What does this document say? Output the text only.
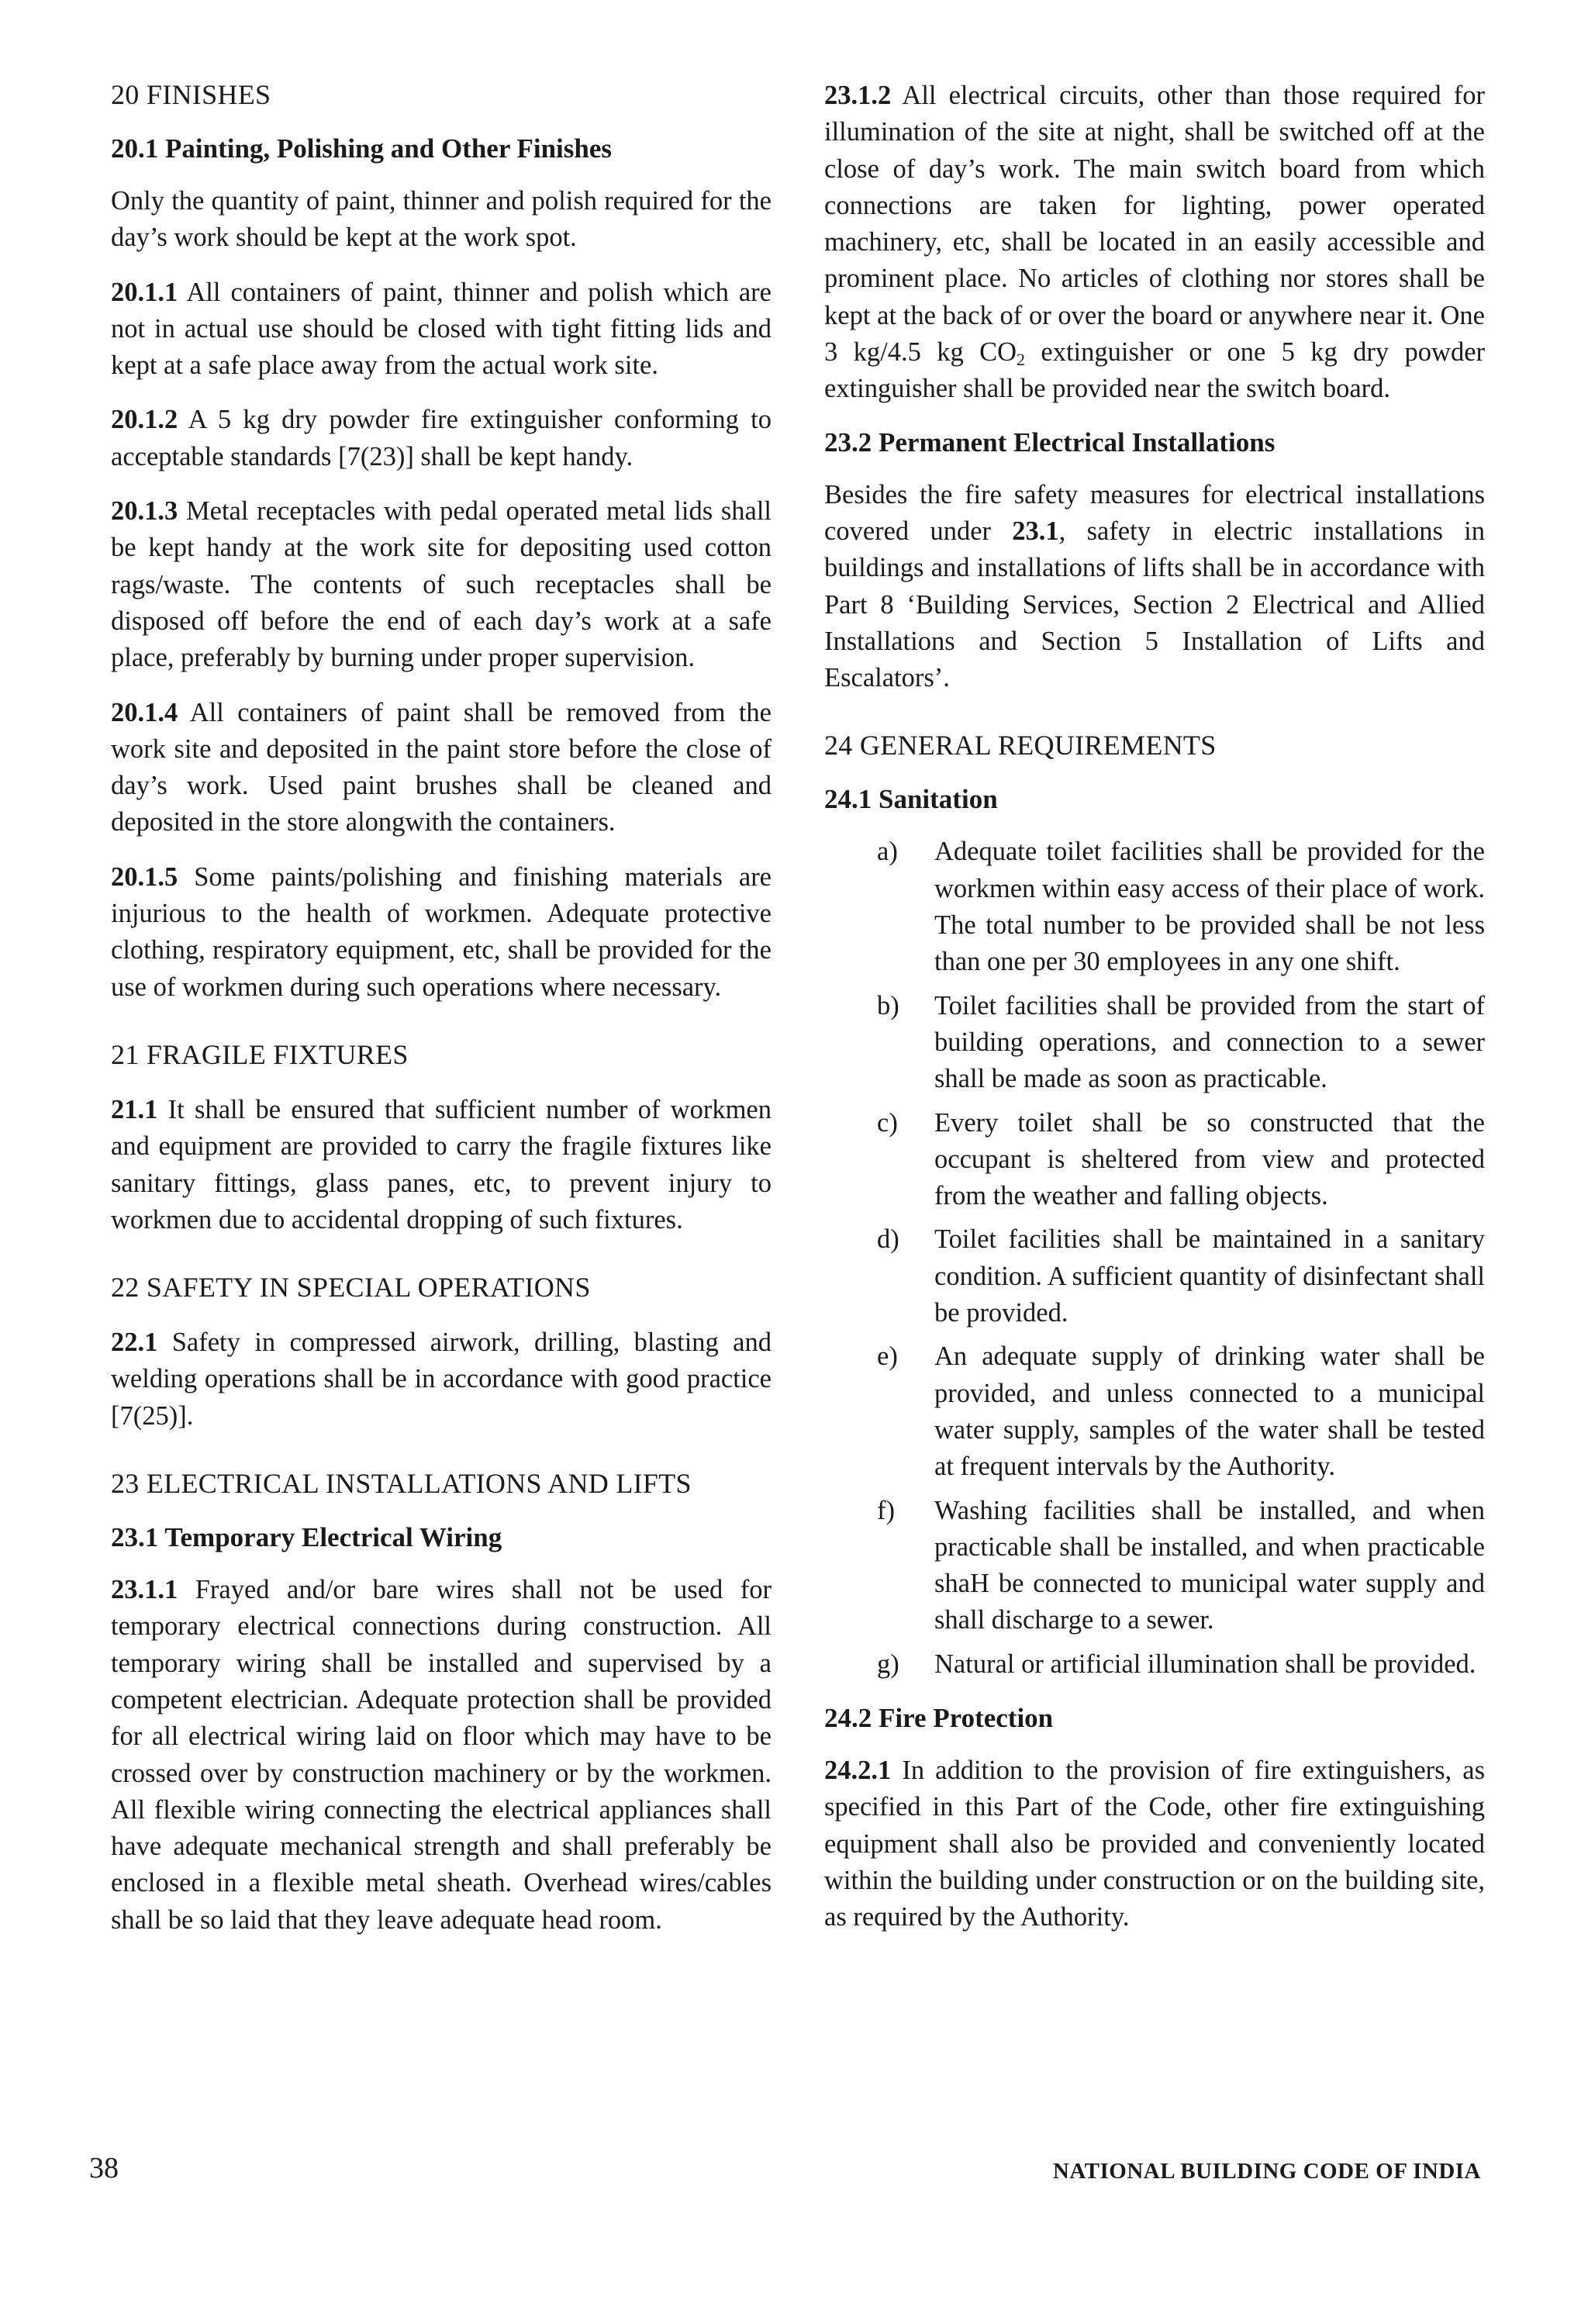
20 FINISHES
20.1 Painting, Polishing and Other Finishes

Only the quantity of paint, thinner and polish required for the day’s work should be kept at the work spot.

20.1.1 All containers of paint, thinner and polish which are not in actual use should be closed with tight fitting lids and kept at a safe place away from the actual work site.

20.1.2 A 5 kg dry powder fire extinguisher conforming to acceptable standards [7(23)] shall be kept handy.

20.1.3 Metal receptacles with pedal operated metal lids shall be kept handy at the work site for depositing used cotton rags/waste. The contents of such receptacles shall be disposed off before the end of each day’s work at a safe place, preferably by burning under proper supervision.

20.1.4 All containers of paint shall be removed from the work site and deposited in the paint store before the close of day’s work. Used paint brushes shall be cleaned and deposited in the store alongwith the containers.

20.1.5 Some paints/polishing and finishing materials are injurious to the health of workmen. Adequate protective clothing, respiratory equipment, etc, shall be provided for the use of workmen during such operations where necessary.

21 FRAGILE FIXTURES

21.1 It shall be ensured that sufficient number of workmen and equipment are provided to carry the fragile fixtures like sanitary fittings, glass panes, etc, to prevent injury to workmen due to accidental dropping of such fixtures.

22 SAFETY IN SPECIAL OPERATIONS

22.1 Safety in compressed airwork, drilling, blasting and welding operations shall be in accordance with good practice [7(25)].

23 ELECTRICAL INSTALLATIONS AND LIFTS
23.1 Temporary Electrical Wiring

23.1.1 Frayed and/or bare wires shall not be used for temporary electrical connections during construction. All temporary wiring shall be installed and supervised by a competent electrician. Adequate protection shall be provided for all electrical wiring laid on floor which may have to be crossed over by construction machinery or by the workmen. All flexible wiring connecting the electrical appliances shall have adequate mechanical strength and shall preferably be enclosed in a flexible metal sheath. Overhead wires/cables shall be so laid that they leave adequate head room.

23.1.2 All electrical circuits, other than those required for illumination of the site at night, shall be switched off at the close of day’s work. The main switch board from which connections are taken for lighting, power operated machinery, etc, shall be located in an easily accessible and prominent place. No articles of clothing nor stores shall be kept at the back of or over the board or anywhere near it. One 3 kg/4.5 kg $CO_2$ extinguisher or one 5 kg dry powder extinguisher shall be provided near the switch board.

23.2 Permanent Electrical Installations

Besides the fire safety measures for electrical installations covered under 23.1, safety in electric installations in buildings and installations of lifts shall be in accordance with Part 8 ‘Building Services, Section 2 Electrical and Allied Installations and Section 5 Installation of Lifts and Escalators’.

24 GENERAL REQUIREMENTS
24.1 Sanitation
a) Adequate toilet facilities shall be provided for the workmen within easy access of their place of work. The total number to be provided shall be not less than one per 30 employees in any one shift.
b) Toilet facilities shall be provided from the start of building operations, and connection to a sewer shall be made as soon as practicable.
c) Every toilet shall be so constructed that the occupant is sheltered from view and protected from the weather and falling objects.
d) Toilet facilities shall be maintained in a sanitary condition. A sufficient quantity of disinfectant shall be provided.
e) An adequate supply of drinking water shall be provided, and unless connected to a municipal water supply, samples of the water shall be tested at frequent intervals by the Authority.
f) Washing facilities shall be installed, and when practicable shall be installed, and when practicable shaH be connected to municipal water supply and shall discharge to a sewer.
g) Natural or artificial illumination shall be provided.
24.2 Fire Protection

24.2.1 In addition to the provision of fire extinguishers, as specified in this Part of the Code, other fire extinguishing equipment shall also be provided and conveniently located within the building under construction or on the building site, as required by the Authority.

38	NATIONAL BUILDING CODE OF INDIA
